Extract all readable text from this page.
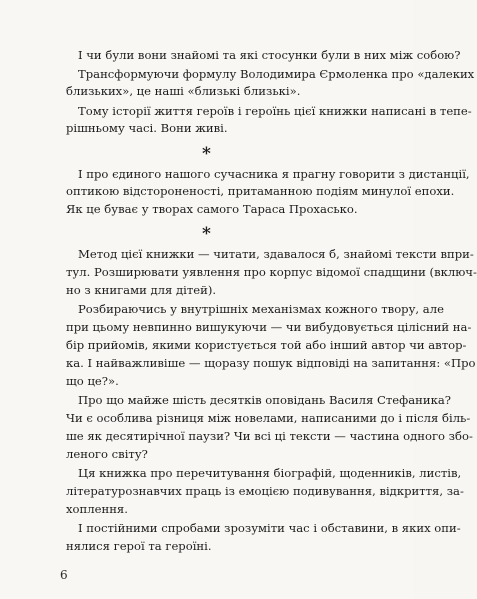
І чи були вони знайомі та які стосунки були в них між собою?

Трансформуючи формулу Володимира Єрмоленка про «далеких

близьких», це наші «близькі близькі».

Тому історії життя героїв і героїнь цієї книжки написані в тепе-

рішньому часі. Вони живі.

*

І про єдиного нашого сучасника я прагну говорити з дистанції,

оптикою відстороненості, притаманною подіям минулої епохи.

Як це буває у творах самого Тараса Прохасько.

*

Метод цієї книжки — читати, здавалося б, знайомі тексти впри-

тул. Розширювати уявлення про корпус відомої спадщини (включ-

но з книгами для дітей).

Розбираючись у внутрішніх механізмах кожного твору, але

при цьому невпинно вишукуючи — чи вибудовується цілісний на-

бір прийомів, якими користується той або інший автор чи автор-

ка. І найважливіше — щоразу пошук відповіді на запитання: «Про

що це?».

Про що майже шість десятків оповідань Василя Стефаника?

Чи є особлива різниця між новелами, написаними до і після біль-

ше як десятирічної паузи? Чи всі ці тексти — частина одного збо-

леного світу?

Ця книжка про перечитування біографій, щоденників, листів,

літературознавчих праць із емоцією подивування, відкриття, за-

хоплення.

І постійними спробами зрозуміти час і обставини, в яких опи-

нялися герої та героїні.

6
